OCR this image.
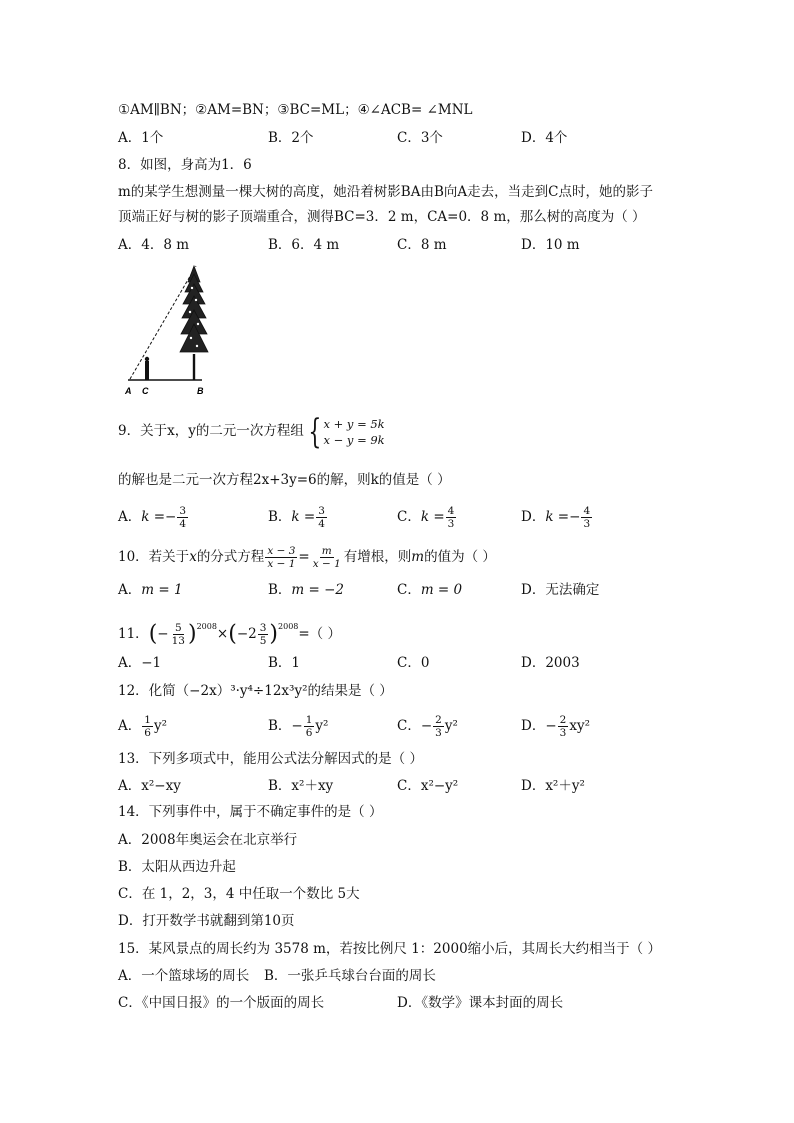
①AM∥BN；②AM=BN；③BC=ML；④∠ACB= ∠MNL
A．1个	B．2个	C．3个	D．4个
8．如图，身高为1．6
m的某学生想测量一棵大树的高度，她沿着树影BA由B向A走去，当走到C点时，她的影子
顶端正好与树的影子顶端重合，测得BC=3．2 m，CA=0．8 m，那么树的高度为（ ）
A．4．8 m	B．6．4 m	C．8 m	D．10 m
A C	B
9．关于x，y的二元一次方程组 { x + y = 5k
x − y = 9k
的解也是二元一次方程2x+3y=6的解，则k的值是（ ）
A．$k =- \frac{3}{4}$	B．$k = \frac{3}{4}$	C．$k = \frac{4}{3}$	D．$k =- \frac{4}{3}$
10．若关于x的分式方程 $\frac{x - 3}{x - 1} = \frac{m}{x - 1}$ 有增根，则m的值为（ ）
A．m = 1	B．m = −2	C．m = 0	D．无法确定
11．(− $\frac{5}{13} )^{2008}\times(-2 \frac{3}{5} )^{2008}=$（ ）
A．−1	B．1	C．0	D．2003
12．化简（−2x）³·y⁴÷12x³y²的结果是（ ）
A． $\frac{1}{6} y^2$	B．− $\frac{1}{6} y^2$	C．− $\frac{2}{3} y^2$	D．− $\frac{2}{3} xy^2$
13．下列多项式中，能用公式法分解因式的是（ ）
A．x²−xy	B．x²＋xy	C．x²−y²	D．x²＋y²
14．下列事件中，属于不确定事件的是（ ）
A．2008年奥运会在北京举行
B．太阳从西边升起
C．在 1，2，3，4 中任取一个数比 5大
D．打开数学书就翻到第10页
15．某风景点的周长约为 3578 m，若按比例尺 1：2000缩小后，其周长大约相当于（ ）
A．一个篮球场的周长 B．一张乒乓球台台面的周长
C．《中国日报》的一个版面的周长	D．《数学》课本封面的周长
